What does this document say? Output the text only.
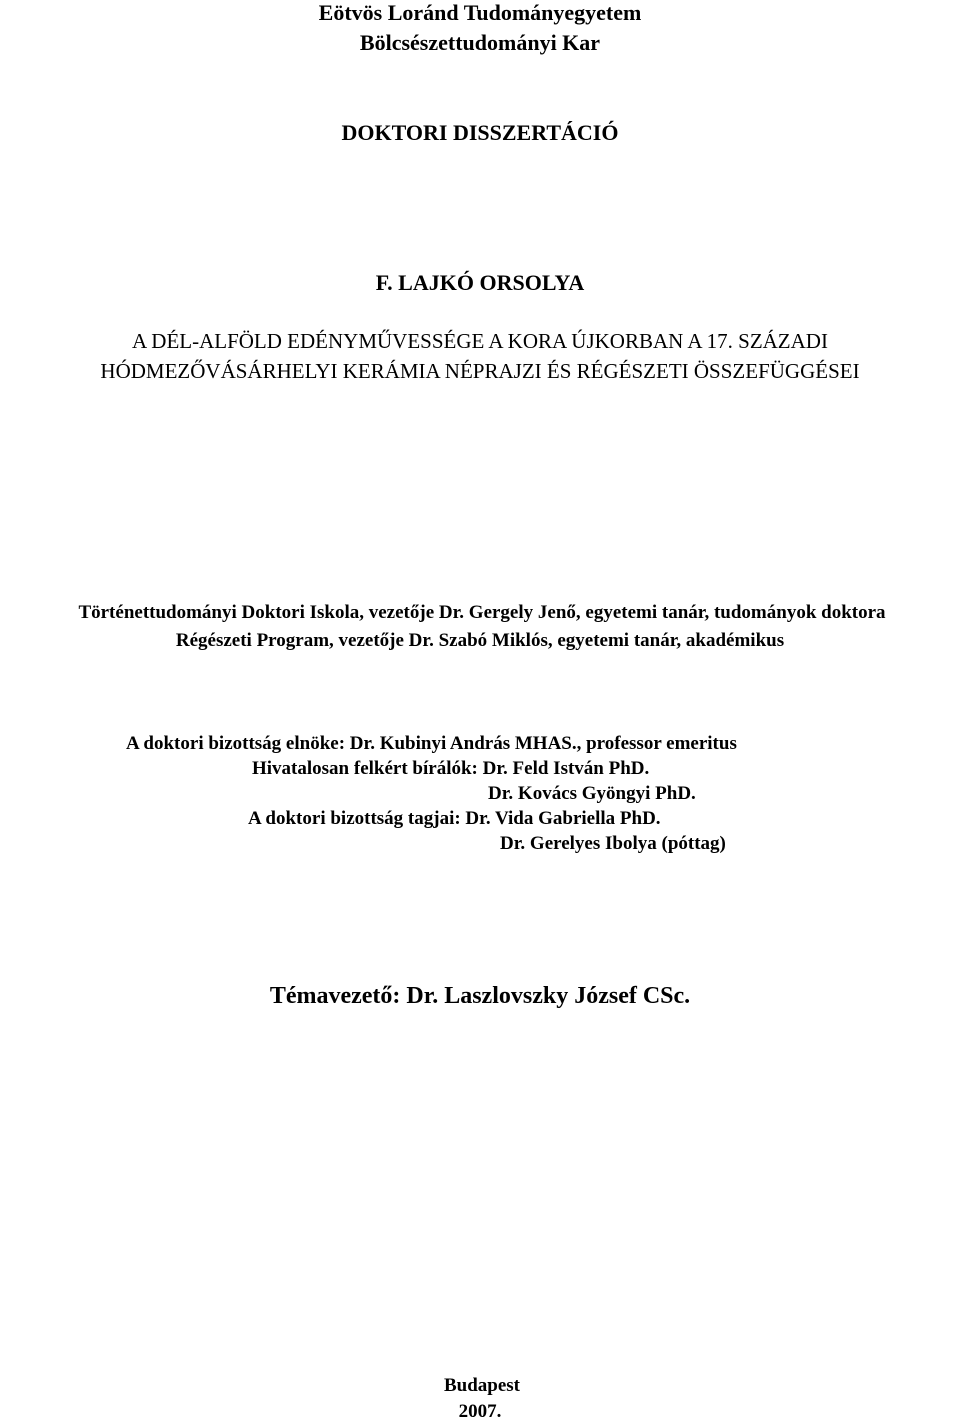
Eötvös Loránd Tudományegyetem
Bölcsészettudományi Kar
DOKTORI DISSZERTÁCIÓ
F. LAJKÓ ORSOLYA
A DÉL-ALFÖLD EDÉNYMŰVESSÉGE A KORA ÚJKORBAN A 17. SZÁZADI
HÓDMEZŐVÁSÁRHELYI KERÁMIA NÉPRAJZI ÉS RÉGÉSZETI ÖSSZEFÜGGÉSEI
Történettudományi Doktori Iskola, vezetője Dr. Gergely Jenő, egyetemi tanár, tudományok doktora
Régészeti Program, vezetője Dr. Szabó Miklós, egyetemi tanár, akadémikus
A doktori bizottság elnöke: Dr. Kubinyi András MHAS., professor emeritus
Hivatalosan felkért bírálók: Dr. Feld István PhD.
Dr. Kovács Gyöngyi PhD.
A doktori bizottság tagjai: Dr. Vida Gabriella PhD.
Dr. Gerelyes Ibolya (póttag)
Témavezető: Dr. Laszlovszky József CSc.
Budapest
2007.
